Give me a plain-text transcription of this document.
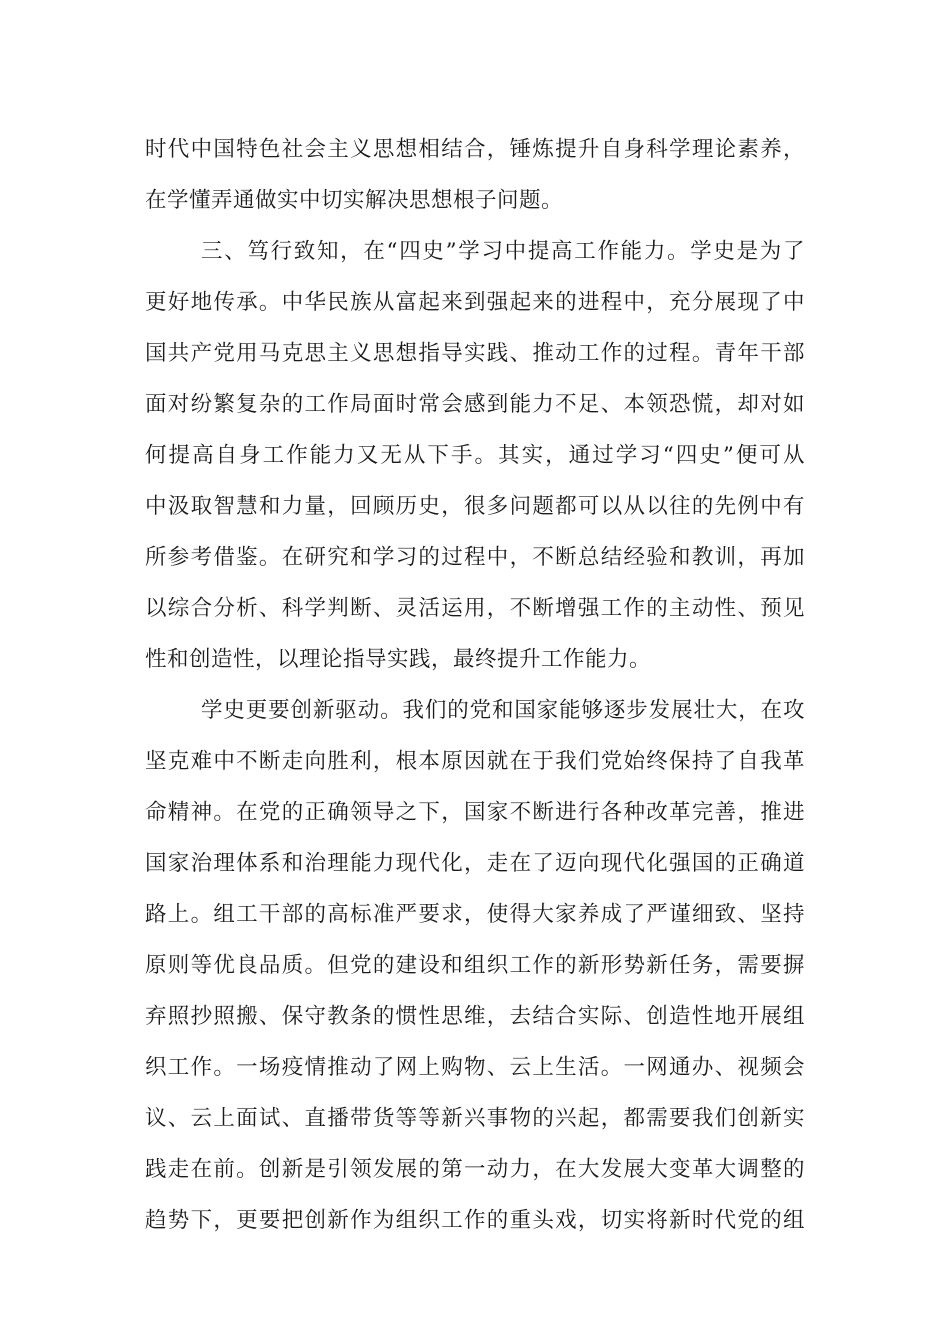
时代中国特色社会主义思想相结合，锤炼提升自身科学理论素养，
在学懂弄通做实中切实解决思想根子问题。
三、笃行致知，在“四史”学习中提高工作能力。学史是为了
更好地传承。中华民族从富起来到强起来的进程中，充分展现了中
国共产党用马克思主义思想指导实践、推动工作的过程。青年干部
面对纷繁复杂的工作局面时常会感到能力不足、本领恐慌，却对如
何提高自身工作能力又无从下手。其实，通过学习“四史”便可从
中汲取智慧和力量，回顾历史，很多问题都可以从以往的先例中有
所参考借鉴。在研究和学习的过程中，不断总结经验和教训，再加
以综合分析、科学判断、灵活运用，不断增强工作的主动性、预见
性和创造性，以理论指导实践，最终提升工作能力。
学史更要创新驱动。我们的党和国家能够逐步发展壮大，在攻
坚克难中不断走向胜利，根本原因就在于我们党始终保持了自我革
命精神。在党的正确领导之下，国家不断进行各种改革完善，推进
国家治理体系和治理能力现代化，走在了迈向现代化强国的正确道
路上。组工干部的高标准严要求，使得大家养成了严谨细致、坚持
原则等优良品质。但党的建设和组织工作的新形势新任务，需要摒
弃照抄照搬、保守教条的惯性思维，去结合实际、创造性地开展组
织工作。一场疫情推动了网上购物、云上生活。一网通办、视频会
议、云上面试、直播带货等等新兴事物的兴起，都需要我们创新实
践走在前。创新是引领发展的第一动力，在大发展大变革大调整的
趋势下，更要把创新作为组织工作的重头戏，切实将新时代党的组
